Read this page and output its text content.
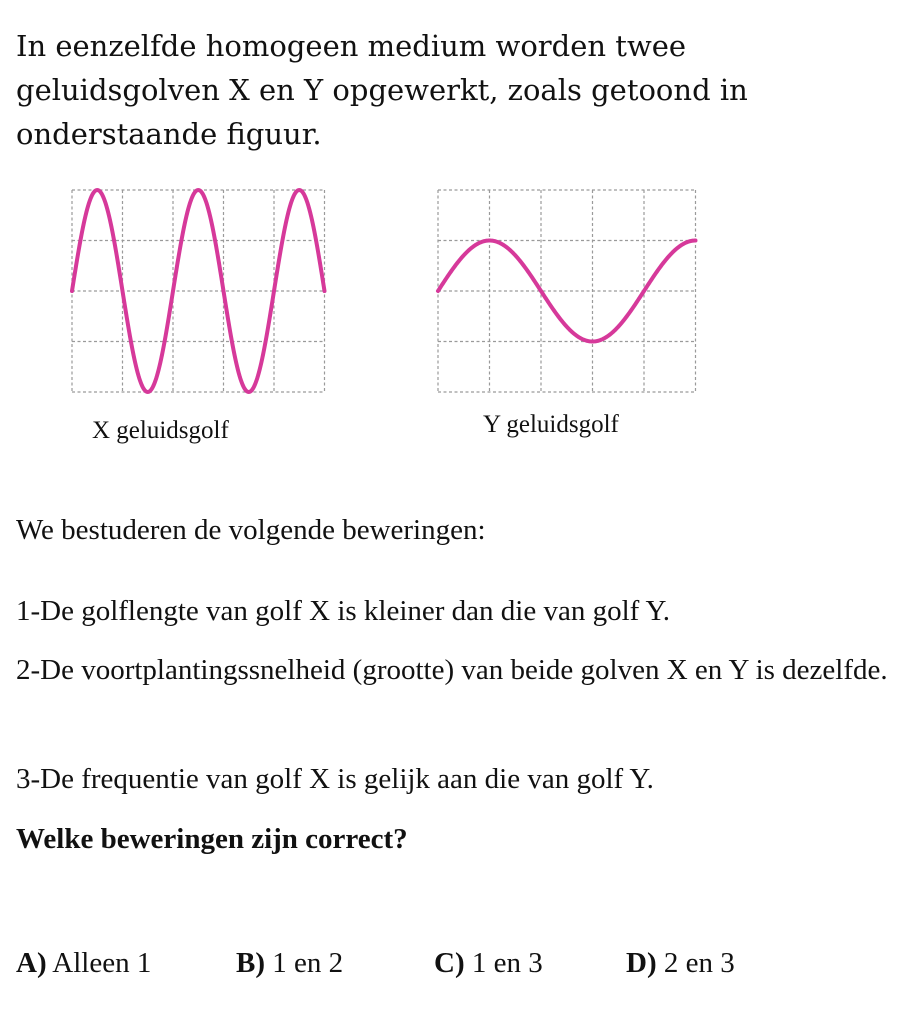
In eenzelfde homogeen medium worden twee geluidsgolven X en Y opgewerkt, zoals getoond in onderstaande figuur.

X geluidsgolf	Y geluidsgolf

We bestuderen de volgende beweringen:

1-De golflengte van golf X is kleiner dan die van golf Y.

2-De voortplantingssnelheid (grootte) van beide golven X en Y is dezelfde.

3-De frequentie van golf X is gelijk aan die van golf Y.

Welke beweringen zijn correct?

A) Alleen 1	B) 1 en 2	C) 1 en 3	D) 2 en 3
